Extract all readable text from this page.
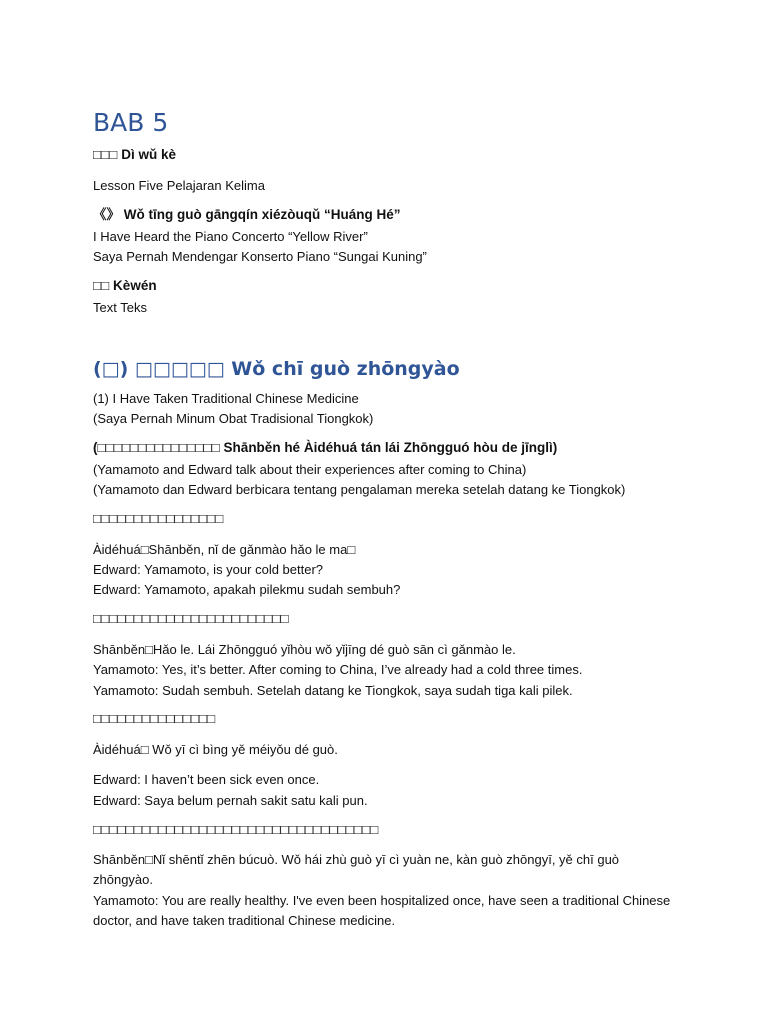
BAB 5
□□□ Dì wǔ kè
Lesson Five Pelajaran Kelima
《》 Wǒ tīng guò gāngqín xiézòuqǔ “Huáng Hé”
I Have Heard the Piano Concerto “Yellow River”
Saya Pernah Mendengar Konserto Piano “Sungai Kuning”
□□ Kèwén
Text Teks
(□) □□□□□ Wǒ chī guò zhōngyào
(1) I Have Taken Traditional Chinese Medicine
(Saya Pernah Minum Obat Tradisional Tiongkok)
(□□□□□□□□□□□□□□□ Shānběn hé Àidéhuá tán lái Zhōngguó hòu de jīnglì)
(Yamamoto and Edward talk about their experiences after coming to China)
(Yamamoto dan Edward berbicara tentang pengalaman mereka setelah datang ke Tiongkok)
□□□□□□□□□□□□□□□□
Àidéhuá□Shānběn, nǐ de gǎnmào hǎo le ma□
Edward: Yamamoto, is your cold better?
Edward: Yamamoto, apakah pilekmu sudah sembuh?
□□□□□□□□□□□□□□□□□□□□□□□□
Shānběn□Hǎo le. Lái Zhōngguó yǐhòu wǒ yǐjīng dé guò sān cì gǎnmào le.
Yamamoto: Yes, it’s better. After coming to China, I’ve already had a cold three times.
Yamamoto: Sudah sembuh. Setelah datang ke Tiongkok, saya sudah tiga kali pilek.
□□□□□□□□□□□□□□□
Àidéhuá□ Wǒ yī cì bìng yě méiyǒu dé guò.
Edward: I haven’t been sick even once.
Edward: Saya belum pernah sakit satu kali pun.
□□□□□□□□□□□□□□□□□□□□□□□□□□□□□□□□□□□
Shānběn□Nǐ shēntǐ zhēn búcuò. Wǒ hái zhù guò yī cì yuàn ne, kàn guò zhōngyī, yě chī guò zhōngyào.
Yamamoto: You are really healthy. I've even been hospitalized once, have seen a traditional Chinese doctor, and have taken traditional Chinese medicine.
